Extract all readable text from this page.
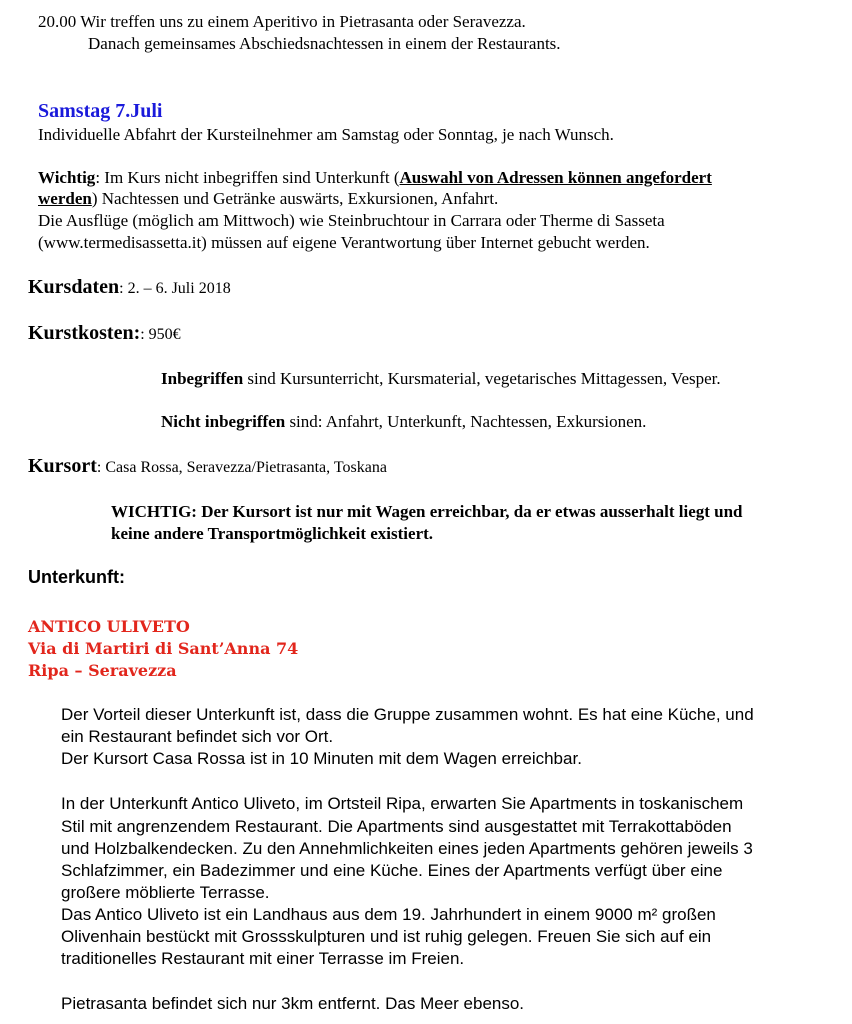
20.00 Wir treffen uns zu einem Aperitivo in Pietrasanta oder Seravezza.
Danach gemeinsames Abschiedsnachtessen in einem der Restaurants.
Samstag 7.Juli
Individuelle Abfahrt der Kursteilnehmer am Samstag oder Sonntag, je nach Wunsch.
Wichtig: Im Kurs nicht inbegriffen sind Unterkunft (Auswahl von Adressen können angefordert
werden) Nachtessen und Getränke auswärts, Exkursionen, Anfahrt.
Die Ausflüge (möglich am Mittwoch) wie Steinbruchtour in Carrara oder Therme di Sasseta
(www.termedisassetta.it) müssen auf eigene Verantwortung über Internet gebucht werden.
Kursdaten: 2. – 6. Juli 2018
Kurstkosten:: 950€
Inbegriffen sind Kursunterricht, Kursmaterial, vegetarisches Mittagessen, Vesper.
Nicht inbegriffen sind: Anfahrt, Unterkunft, Nachtessen, Exkursionen.
Kursort: Casa Rossa, Seravezza/Pietrasanta, Toskana
WICHTIG: Der Kursort ist nur mit Wagen erreichbar, da er etwas ausserhalt liegt und
keine andere Transportmöglichkeit existiert.
Unterkunft:
ANTICO ULIVETO
Via di Martiri di Sant’Anna 74
Ripa – Seravezza
Der Vorteil dieser Unterkunft ist, dass die Gruppe zusammen wohnt. Es hat eine Küche, und
ein Restaurant befindet sich vor Ort.
Der Kursort Casa Rossa ist in 10 Minuten mit dem Wagen erreichbar.
In der Unterkunft Antico Uliveto, im Ortsteil Ripa, erwarten Sie Apartments in toskanischem
Stil mit angrenzendem Restaurant. Die Apartments sind ausgestattet mit Terrakottaböden
und Holzbalkendecken. Zu den Annehmlichkeiten eines jeden Apartments gehören jeweils 3
Schlafzimmer, ein Badezimmer und eine Küche. Eines der Apartments verfügt über eine
großere möblierte Terrasse.
Das Antico Uliveto ist ein Landhaus aus dem 19. Jahrhundert in einem 9000 m² großen
Olivenhain bestückt mit Grossskulpturen und ist ruhig gelegen. Freuen Sie sich auf ein
traditionelles Restaurant mit einer Terrasse im Freien.
Pietrasanta befindet sich nur 3km entfernt. Das Meer ebenso.
